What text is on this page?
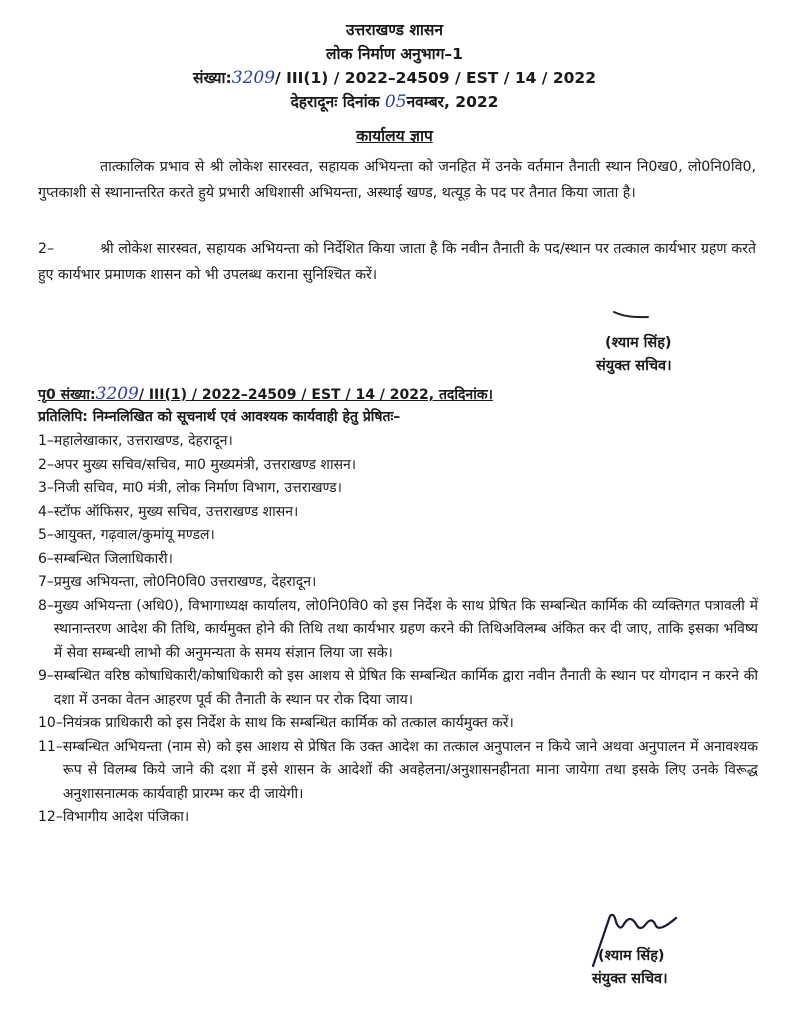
उत्तराखण्ड शासन
लोक निर्माण अनुभाग–1
संख्या:3209/ III(1) / 2022–24509 / EST / 14 / 2022
देहरादूनः दिनांक 05नवम्बर, 2022
कार्यालय ज्ञाप
तात्कालिक प्रभाव से श्री लोकेश सारस्वत, सहायक अभियन्ता को जनहित में उनके वर्तमान तैनाती स्थान नि0ख0, लो0नि0वि0, गुप्तकाशी से स्थानान्तरित करते हुये प्रभारी अधिशासी अभियन्ता, अस्थाई खण्ड, थत्यूड़ के पद पर तैनात किया जाता है।
2–	श्री लोकेश सारस्वत, सहायक अभियन्ता को निर्देशित किया जाता है कि नवीन तैनाती के पद/स्थान पर तत्काल कार्यभार ग्रहण करते हुए कार्यभार प्रमाणक शासन को भी उपलब्ध कराना सुनिश्चित करें।
(श्याम सिंह)
संयुक्त सचिव।
पृ0 संख्या:3209/ III(1) / 2022–24509 / EST / 14 / 2022, तददिनांक।
प्रतिलिपि: निम्नलिखित को सूचनार्थ एवं आवश्यक कार्यवाही हेतु प्रेषितः–
1– महालेखाकार, उत्तराखण्ड, देहरादून।
2– अपर मुख्य सचिव/सचिव, मा0 मुख्यमंत्री, उत्तराखण्ड शासन।
3– निजी सचिव, मा0 मंत्री, लोक निर्माण विभाग, उत्तराखण्ड।
4– स्टॉफ ऑफिसर, मुख्य सचिव, उत्तराखण्ड शासन।
5– आयुक्त, गढ़वाल/कुमांयू मण्डल।
6– सम्बन्धित जिलाधिकारी।
7– प्रमुख अभियन्ता, लो0नि0वि0 उत्तराखण्ड, देहरादून।
8– मुख्य अभियन्ता (अधि0), विभागाध्यक्ष कार्यालय, लो0नि0वि0 को इस निर्देश के साथ प्रेषित कि सम्बन्धित कार्मिक की व्यक्तिगत पत्रावली में स्थानान्तरण आदेश की तिथि, कार्यमुक्त होने की तिथि तथा कार्यभार ग्रहण करने की तिथिअविलम्ब अंकित कर दी जाए, ताकि इसका भविष्य में सेवा सम्बन्धी लाभो की अनुमन्यता के समय संज्ञान लिया जा सके।
9– सम्बन्धित वरिष्ठ कोषाधिकारी/कोषाधिकारी को इस आशय से प्रेषित कि सम्बन्धित कार्मिक द्वारा नवीन तैनाती के स्थान पर योगदान न करने की दशा में उनका वेतन आहरण पूर्व की तैनाती के स्थान पर रोक दिया जाय।
10– नियंत्रक प्राधिकारी को इस निर्देश के साथ कि सम्बन्धित कार्मिक को तत्काल कार्यमुक्त करें।
11– सम्बन्धित अभियन्ता (नाम से) को इस आशय से प्रेषित कि उक्त आदेश का तत्काल अनुपालन न किये जाने अथवा अनुपालन में अनावश्यक रूप से विलम्ब किये जाने की दशा में इसे शासन के आदेशों की अवहेलना/अनुशासनहीनता माना जायेगा तथा इसके लिए उनके विरूद्ध अनुशासनात्मक कार्यवाही प्रारम्भ कर दी जायेगी।
12– विभागीय आदेश पंजिका।
(श्याम सिंह)
संयुक्त सचिव।
